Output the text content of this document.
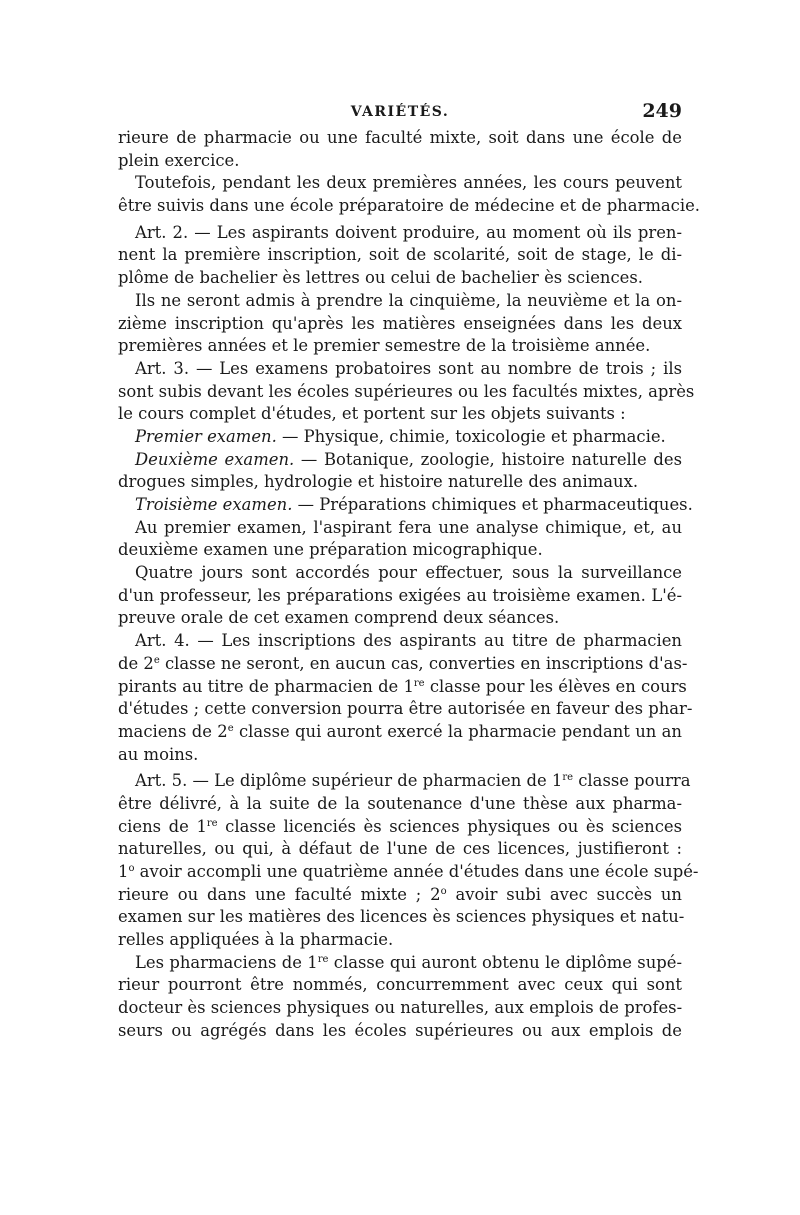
VARIÉTÉS.	249
rieure de pharmacie ou une faculté mixte, soit dans une école de
plein exercice.
Toutefois, pendant les deux premières années, les cours peuvent
être suivis dans une école préparatoire de médecine et de pharmacie.
Art. 2. — Les aspirants doivent produire, au moment où ils pren-
nent la première inscription, soit de scolarité, soit de stage, le di-
plôme de bachelier ès lettres ou celui de bachelier ès sciences.
Ils ne seront admis à prendre la cinquième, la neuvième et la on-
zième inscription qu'après les matières enseignées dans les deux
premières années et le premier semestre de la troisième année.
Art. 3. — Les examens probatoires sont au nombre de trois ; ils
sont subis devant les écoles supérieures ou les facultés mixtes, après
le cours complet d'études, et portent sur les objets suivants :
Premier examen. — Physique, chimie, toxicologie et pharmacie.
Deuxième examen. — Botanique, zoologie, histoire naturelle des
drogues simples, hydrologie et histoire naturelle des animaux.
Troisième examen. — Préparations chimiques et pharmaceutiques.
Au premier examen, l'aspirant fera une analyse chimique, et, au
deuxième examen une préparation micographique.
Quatre jours sont accordés pour effectuer, sous la surveillance
d'un professeur, les préparations exigées au troisième examen. L'é-
preuve orale de cet examen comprend deux séances.
Art. 4. — Les inscriptions des aspirants au titre de pharmacien
de 2e classe ne seront, en aucun cas, converties en inscriptions d'as-
pirants au titre de pharmacien de 1re classe pour les élèves en cours
d'études ; cette conversion pourra être autorisée en faveur des phar-
maciens de 2e classe qui auront exercé la pharmacie pendant un an
au moins.
Art. 5. — Le diplôme supérieur de pharmacien de 1re classe pourra
être délivré, à la suite de la soutenance d'une thèse aux pharma-
ciens de 1re classe licenciés ès sciences physiques ou ès sciences
naturelles, ou qui, à défaut de l'une de ces licences, justifieront :
1$^o$ avoir accompli une quatrième année d'études dans une école supé-
rieure ou dans une faculté mixte ; 2$^o$ avoir subi avec succès un
examen sur les matières des licences ès sciences physiques et natu-
relles appliquées à la pharmacie.
Les pharmaciens de 1re classe qui auront obtenu le diplôme supé-
rieur pourront être nommés, concurremment avec ceux qui sont
docteur ès sciences physiques ou naturelles, aux emplois de profes-
seurs ou agrégés dans les écoles supérieures ou aux emplois de
